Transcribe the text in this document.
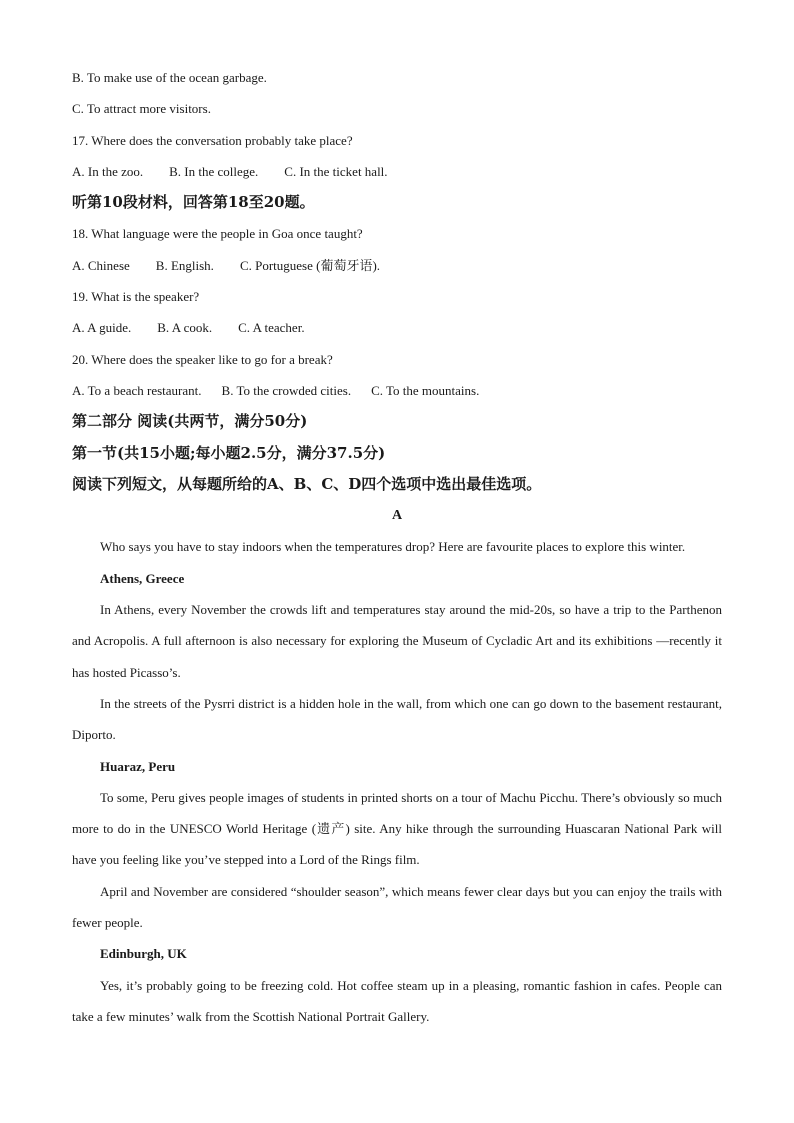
B. To make use of the ocean garbage.
C. To attract more visitors.
17. Where does the conversation probably take place?
A. In the zoo. B. In the college. C. In the ticket hall.
听第10段材料，回答第18至20题。
18. What language were the people in Goa once taught?
A. Chinese B. English. C. Portuguese (葡萄牙语).
19. What is the speaker?
A. A guide. B. A cook. C. A teacher.
20. Where does the speaker like to go for a break?
A. To a beach restaurant. B. To the crowded cities. C. To the mountains.
第二部分 阅读(共两节，满分50分)
第一节(共15小题;每小题2.5分，满分37.5分)
阅读下列短文，从每题所给的A、B、C、D四个选项中选出最佳选项。
A

Who says you have to stay indoors when the temperatures drop? Here are favourite places to explore this winter.

Athens, Greece

In Athens, every November the crowds lift and temperatures stay around the mid-20s, so have a trip to the Parthenon and Acropolis. A full afternoon is also necessary for exploring the Museum of Cycladic Art and its exhibitions —recently it has hosted Picasso’s.

In the streets of the Pysrri district is a hidden hole in the wall, from which one can go down to the basement restaurant, Diporto.

Huaraz, Peru

To some, Peru gives people images of students in printed shorts on a tour of Machu Picchu. There’s obviously so much more to do in the UNESCO World Heritage (遗产) site. Any hike through the surrounding Huascaran National Park will have you feeling like you’ve stepped into a Lord of the Rings film.

April and November are considered “shoulder season”, which means fewer clear days but you can enjoy the trails with fewer people.

Edinburgh, UK

Yes, it’s probably going to be freezing cold. Hot coffee steam up in a pleasing, romantic fashion in cafes. People can take a few minutes’ walk from the Scottish National Portrait Gallery.
